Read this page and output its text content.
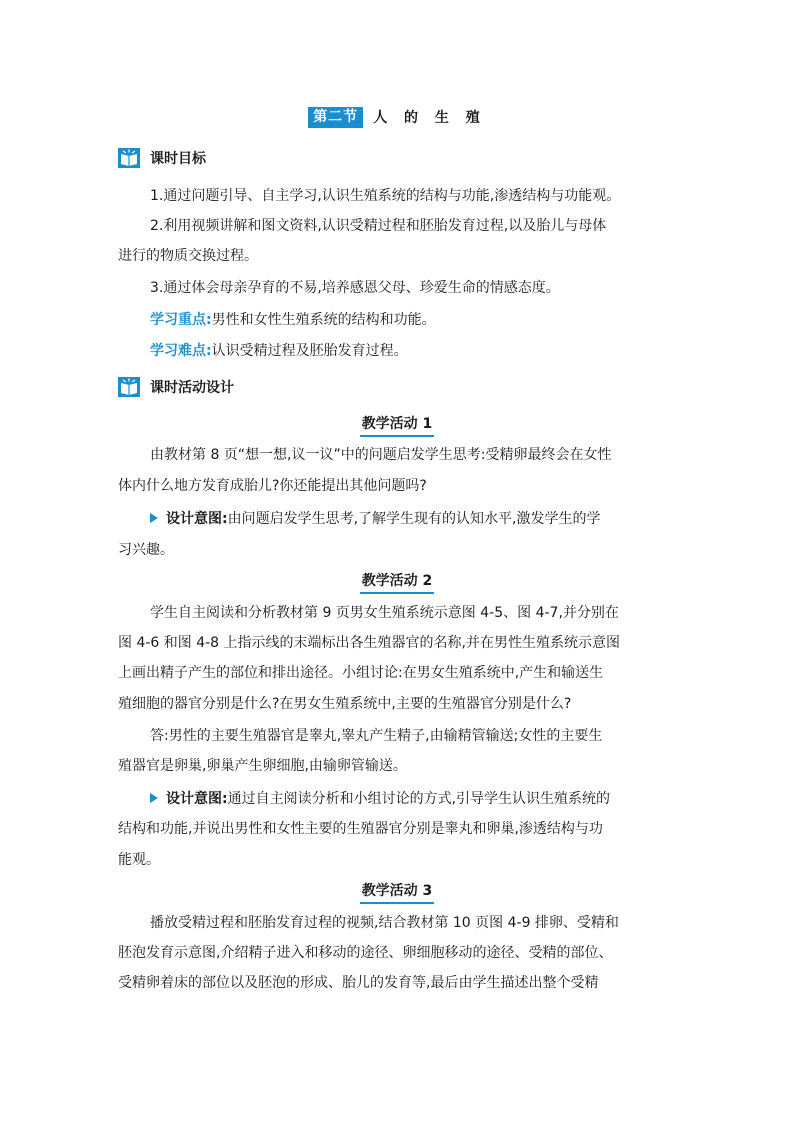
第二节	人 的 生 殖
课时目标
1.通过问题引导、自主学习,认识生殖系统的结构与功能,渗透结构与功能观。
2.利用视频讲解和图文资料,认识受精过程和胚胎发育过程,以及胎儿与母体
进行的物质交换过程。
3.通过体会母亲孕育的不易,培养感恩父母、珍爱生命的情感态度。
学习重点:男性和女性生殖系统的结构和功能。
学习难点:认识受精过程及胚胎发育过程。
课时活动设计
教学活动 1
由教材第 8 页“想一想,议一议”中的问题启发学生思考:受精卵最终会在女性
体内什么地方发育成胎儿?你还能提出其他问题吗?
设计意图:由问题启发学生思考,了解学生现有的认知水平,激发学生的学
习兴趣。
教学活动 2
学生自主阅读和分析教材第 9 页男女生殖系统示意图 4-5、图 4-7,并分别在
图 4-6 和图 4-8 上指示线的末端标出各生殖器官的名称,并在男性生殖系统示意图
上画出精子产生的部位和排出途径。小组讨论:在男女生殖系统中,产生和输送生
殖细胞的器官分别是什么?在男女生殖系统中,主要的生殖器官分别是什么?
答:男性的主要生殖器官是睾丸,睾丸产生精子,由输精管输送;女性的主要生
殖器官是卵巢,卵巢产生卵细胞,由输卵管输送。
设计意图:通过自主阅读分析和小组讨论的方式,引导学生认识生殖系统的
结构和功能,并说出男性和女性主要的生殖器官分别是睾丸和卵巢,渗透结构与功
能观。
教学活动 3
播放受精过程和胚胎发育过程的视频,结合教材第 10 页图 4-9 排卵、受精和
胚泡发育示意图,介绍精子进入和移动的途径、卵细胞移动的途径、受精的部位、
受精卵着床的部位以及胚泡的形成、胎儿的发育等,最后由学生描述出整个受精
